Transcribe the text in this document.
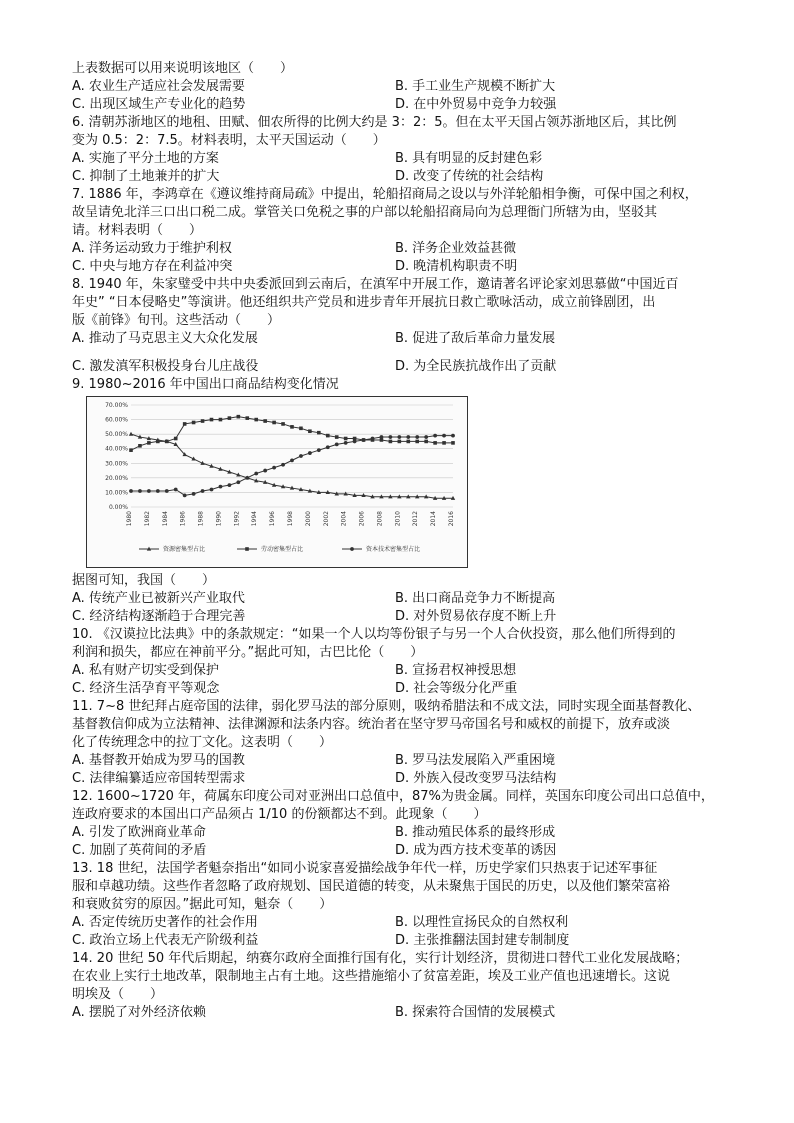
上表数据可以用来说明该地区（　　）
A. 农业生产适应社会发展需要	B. 手工业生产规模不断扩大
C. 出现区域生产专业化的趋势	D. 在中外贸易中竞争力较强
6. 清朝苏浙地区的地租、田赋、佃农所得的比例大约是 3：2：5。但在太平天国占领苏浙地区后，其比例
变为 0.5：2：7.5。材料表明，太平天国运动（　　）
A. 实施了平分土地的方案	B. 具有明显的反封建色彩
C. 抑制了土地兼并的扩大	D. 改变了传统的社会结构
7. 1886 年，李鸿章在《遵议维持商局疏》中提出，轮船招商局之设以与外洋轮船相争衡，可保中国之利权，
故呈请免北洋三口出口税二成。掌管关口免税之事的户部以轮船招商局向为总理衙门所辖为由，坚驳其
请。材料表明（　　）
A. 洋务运动致力于维护利权	B. 洋务企业效益甚微
C. 中央与地方存在利益冲突	D. 晚清机构职责不明
8. 1940 年，朱家璧受中共中央委派回到云南后，在滇军中开展工作，邀请著名评论家刘思慕做“中国近百
年史” “日本侵略史”等演讲。他还组织共产党员和进步青年开展抗日救亡歌咏活动，成立前锋剧团，出
版《前锋》旬刊。这些活动（　　）
A. 推动了马克思主义大众化发展	B. 促进了敌后革命力量发展
C. 激发滇军积极投身台儿庄战役	D. 为全民族抗战作出了贡献
9. 1980~2016 年中国出口商品结构变化情况
0.00%
10.00%
20.00%
30.00%
40.00%
50.00%
60.00%
70.00%
1980 1982 1984 1986 1988 1990 1992 1994 1996 1998 2000 2002 2004 2006 2008 2010 2012 2014 2016
资源密集型占比	劳动密集型占比	资本技术密集型占比
据图可知，我国（　　）
A. 传统产业已被新兴产业取代	B. 出口商品竞争力不断提高
C. 经济结构逐渐趋于合理完善	D. 对外贸易依存度不断上升
10. 《汉谟拉比法典》中的条款规定：“如果一个人以均等份银子与另一个人合伙投资，那么他们所得到的
利润和损失，都应在神前平分。”据此可知，古巴比伦（　　）
A. 私有财产切实受到保护	B. 宣扬君权神授思想
C. 经济生活孕育平等观念	D. 社会等级分化严重
11. 7~8 世纪拜占庭帝国的法律，弱化罗马法的部分原则，吸纳希腊法和不成文法，同时实现全面基督教化、
基督教信仰成为立法精神、法律渊源和法条内容。统治者在坚守罗马帝国名号和威权的前提下，放弃或淡
化了传统理念中的拉丁文化。这表明（　　）
A. 基督教开始成为罗马的国教	B. 罗马法发展陷入严重困境
C. 法律编纂适应帝国转型需求	D. 外族入侵改变罗马法结构
12. 1600~1720 年，荷属东印度公司对亚洲出口总值中，87%为贵金属。同样，英国东印度公司出口总值中，
连政府要求的本国出口产品须占 1/10 的份额都达不到。此现象（　　）
A. 引发了欧洲商业革命	B. 推动殖民体系的最终形成
C. 加剧了英荷间的矛盾	D. 成为西方技术变革的诱因
13. 18 世纪，法国学者魁奈指出“如同小说家喜爱描绘战争年代一样，历史学家们只热衷于记述军事征
服和卓越功绩。这些作者忽略了政府规划、国民道德的转变，从未聚焦于国民的历史，以及他们繁荣富裕
和衰败贫穷的原因。”据此可知，魁奈（　　）
A. 否定传统历史著作的社会作用	B. 以理性宣扬民众的自然权利
C. 政治立场上代表无产阶级利益	D. 主张推翻法国封建专制制度
14. 20 世纪 50 年代后期起，纳赛尔政府全面推行国有化，实行计划经济，贯彻进口替代工业化发展战略；
在农业上实行土地改革，限制地主占有土地。这些措施缩小了贫富差距，埃及工业产值也迅速增长。这说
明埃及（　　）
A. 摆脱了对外经济依赖	B. 探索符合国情的发展模式
